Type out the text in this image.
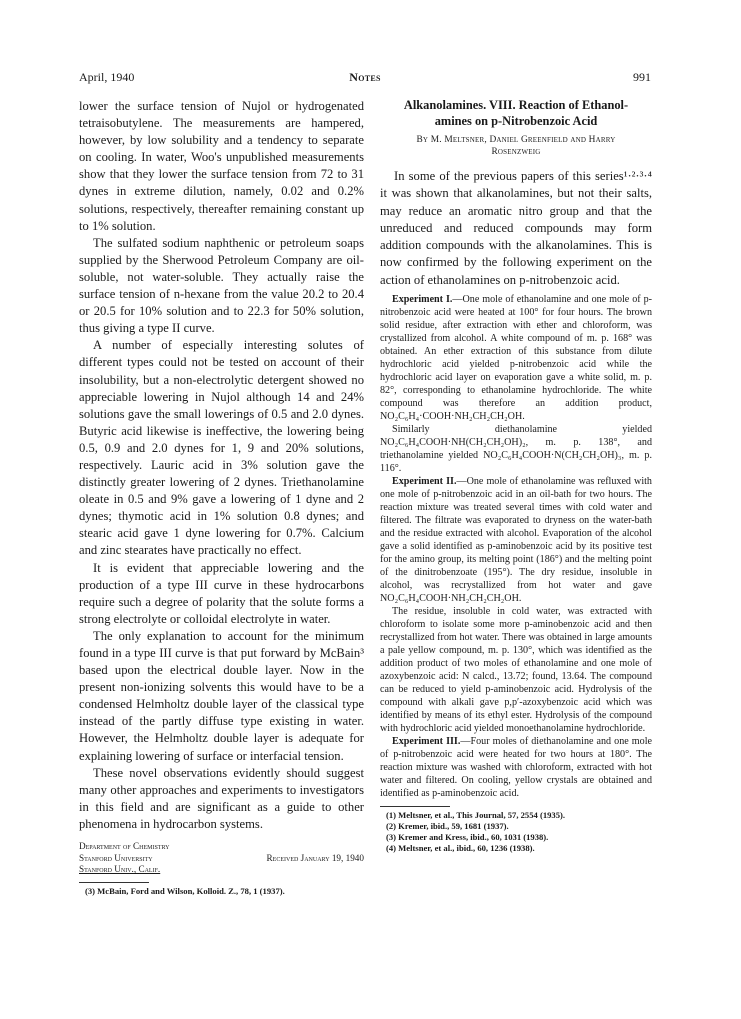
April, 1940	Notes	991

lower the surface tension of Nujol or hydrogenated tetraisobutylene. The measurements are hampered, however, by low solubility and a tendency to separate on cooling. In water, Woo's unpublished measurements show that they lower the surface tension from 72 to 31 dynes in extreme dilution, namely, 0.02 and 0.2% solutions, respectively, thereafter remaining constant up to 1% solution.

The sulfated sodium naphthenic or petroleum soaps supplied by the Sherwood Petroleum Company are oil-soluble, not water-soluble. They actually raise the surface tension of n-hexane from the value 20.2 to 20.4 or 20.5 for 10% solution and to 22.3 for 50% solution, thus giving a type II curve.

A number of especially interesting solutes of different types could not be tested on account of their insolubility, but a non-electrolytic detergent showed no appreciable lowering in Nujol although 14 and 24% solutions gave the small lowerings of 0.5 and 2.0 dynes. Butyric acid likewise is ineffective, the lowering being 0.5, 0.9 and 2.0 dynes for 1, 9 and 20% solutions, respectively. Lauric acid in 3% solution gave the distinctly greater lowering of 2 dynes. Triethanolamine oleate in 0.5 and 9% gave a lowering of 1 dyne and 2 dynes; thymotic acid in 1% solution 0.8 dynes; and stearic acid gave 1 dyne lowering for 0.7%. Calcium and zinc stearates have practically no effect.

It is evident that appreciable lowering and the production of a type III curve in these hydrocarbons require such a degree of polarity that the solute forms a strong electrolyte or colloidal electrolyte in water.

The only explanation to account for the minimum found in a type III curve is that put forward by McBain³ based upon the electrical double layer. Now in the present non-ionizing solvents this would have to be a condensed Helmholtz double layer of the classical type instead of the partly diffuse type existing in water. However, the Helmholtz double layer is adequate for explaining lowering of surface or interfacial tension.

These novel observations evidently should suggest many other approaches and experiments to investigators in this field and are significant as a guide to other phenomena in hydrocarbon systems.

Department of Chemistry
Stanford University
Stanford Univ., Calif.
Received January 19, 1940
(3) McBain, Ford and Wilson, Kolloid. Z., 78, 1 (1937).
Alkanolamines. VIII. Reaction of Ethanol-
amines on p-Nitrobenzoic Acid
By M. Meltsner, Daniel Greenfield and Harry
Rosenzweig

In some of the previous papers of this series¹·²·³·⁴ it was shown that alkanolamines, but not their salts, may reduce an aromatic nitro group and that the unreduced and reduced compounds may form addition compounds with the alkanolamines. This is now confirmed by the following experiment on the action of ethanolamines on p-nitrobenzoic acid.

Experiment I.—One mole of ethanolamine and one mole of p-nitrobenzoic acid were heated at 100° for four hours. The brown solid residue, after extraction with ether and chloroform, was crystallized from alcohol. A white compound of m. p. 168° was obtained. An ether extraction of this substance from dilute hydrochloric acid yielded p-nitrobenzoic acid while the hydrochloric acid layer on evaporation gave a white solid, m. p. 82°, corresponding to ethanolamine hydrochloride. The white compound was therefore an addition product, NO₂C₆H₄·COOH·NH₂CH₂CH₂OH.

Similarly diethanolamine yielded NO₂C₆H₄COOH·NH(CH₂CH₂OH)₂, m. p. 138°, and triethanolamine yielded NO₂C₆H₄COOH·N(CH₂CH₂OH)₃, m. p. 116°.

Experiment II.—One mole of ethanolamine was refluxed with one mole of p-nitrobenzoic acid in an oil-bath for two hours. The reaction mixture was treated several times with cold water and filtered. The filtrate was evaporated to dryness on the water-bath and the residue extracted with alcohol. Evaporation of the alcohol gave a solid identified as p-aminobenzoic acid by its positive test for the amino group, its melting point (186°) and the melting point of the dinitrobenzoate (195°). The dry residue, insoluble in alcohol, was recrystallized from hot water and gave NO₂C₆H₄COOH·NH₂CH₂CH₂OH.

The residue, insoluble in cold water, was extracted with chloroform to isolate some more p-aminobenzoic acid and then recrystallized from hot water. There was obtained in large amounts a pale yellow compound, m. p. 130°, which was identified as the addition product of two moles of ethanolamine and one mole of azoxybenzoic acid: N calcd., 13.72; found, 13.64. The compound can be reduced to yield p-aminobenzoic acid. Hydrolysis of the compound with alkali gave p,p′-azoxybenzoic acid which was identified by means of its ethyl ester. Hydrolysis of the compound with hydrochloric acid yielded monoethanolamine hydrochloride.

Experiment III.—Four moles of diethanolamine and one mole of p-nitrobenzoic acid were heated for two hours at 180°. The reaction mixture was washed with chloroform, extracted with hot water and filtered. On cooling, yellow crystals are obtained and identified as p-aminobenzoic acid.

(1) Meltsner, et al., This Journal, 57, 2554 (1935).
(2) Kremer, ibid., 59, 1681 (1937).
(3) Kremer and Kress, ibid., 60, 1031 (1938).
(4) Meltsner, et al., ibid., 60, 1236 (1938).
